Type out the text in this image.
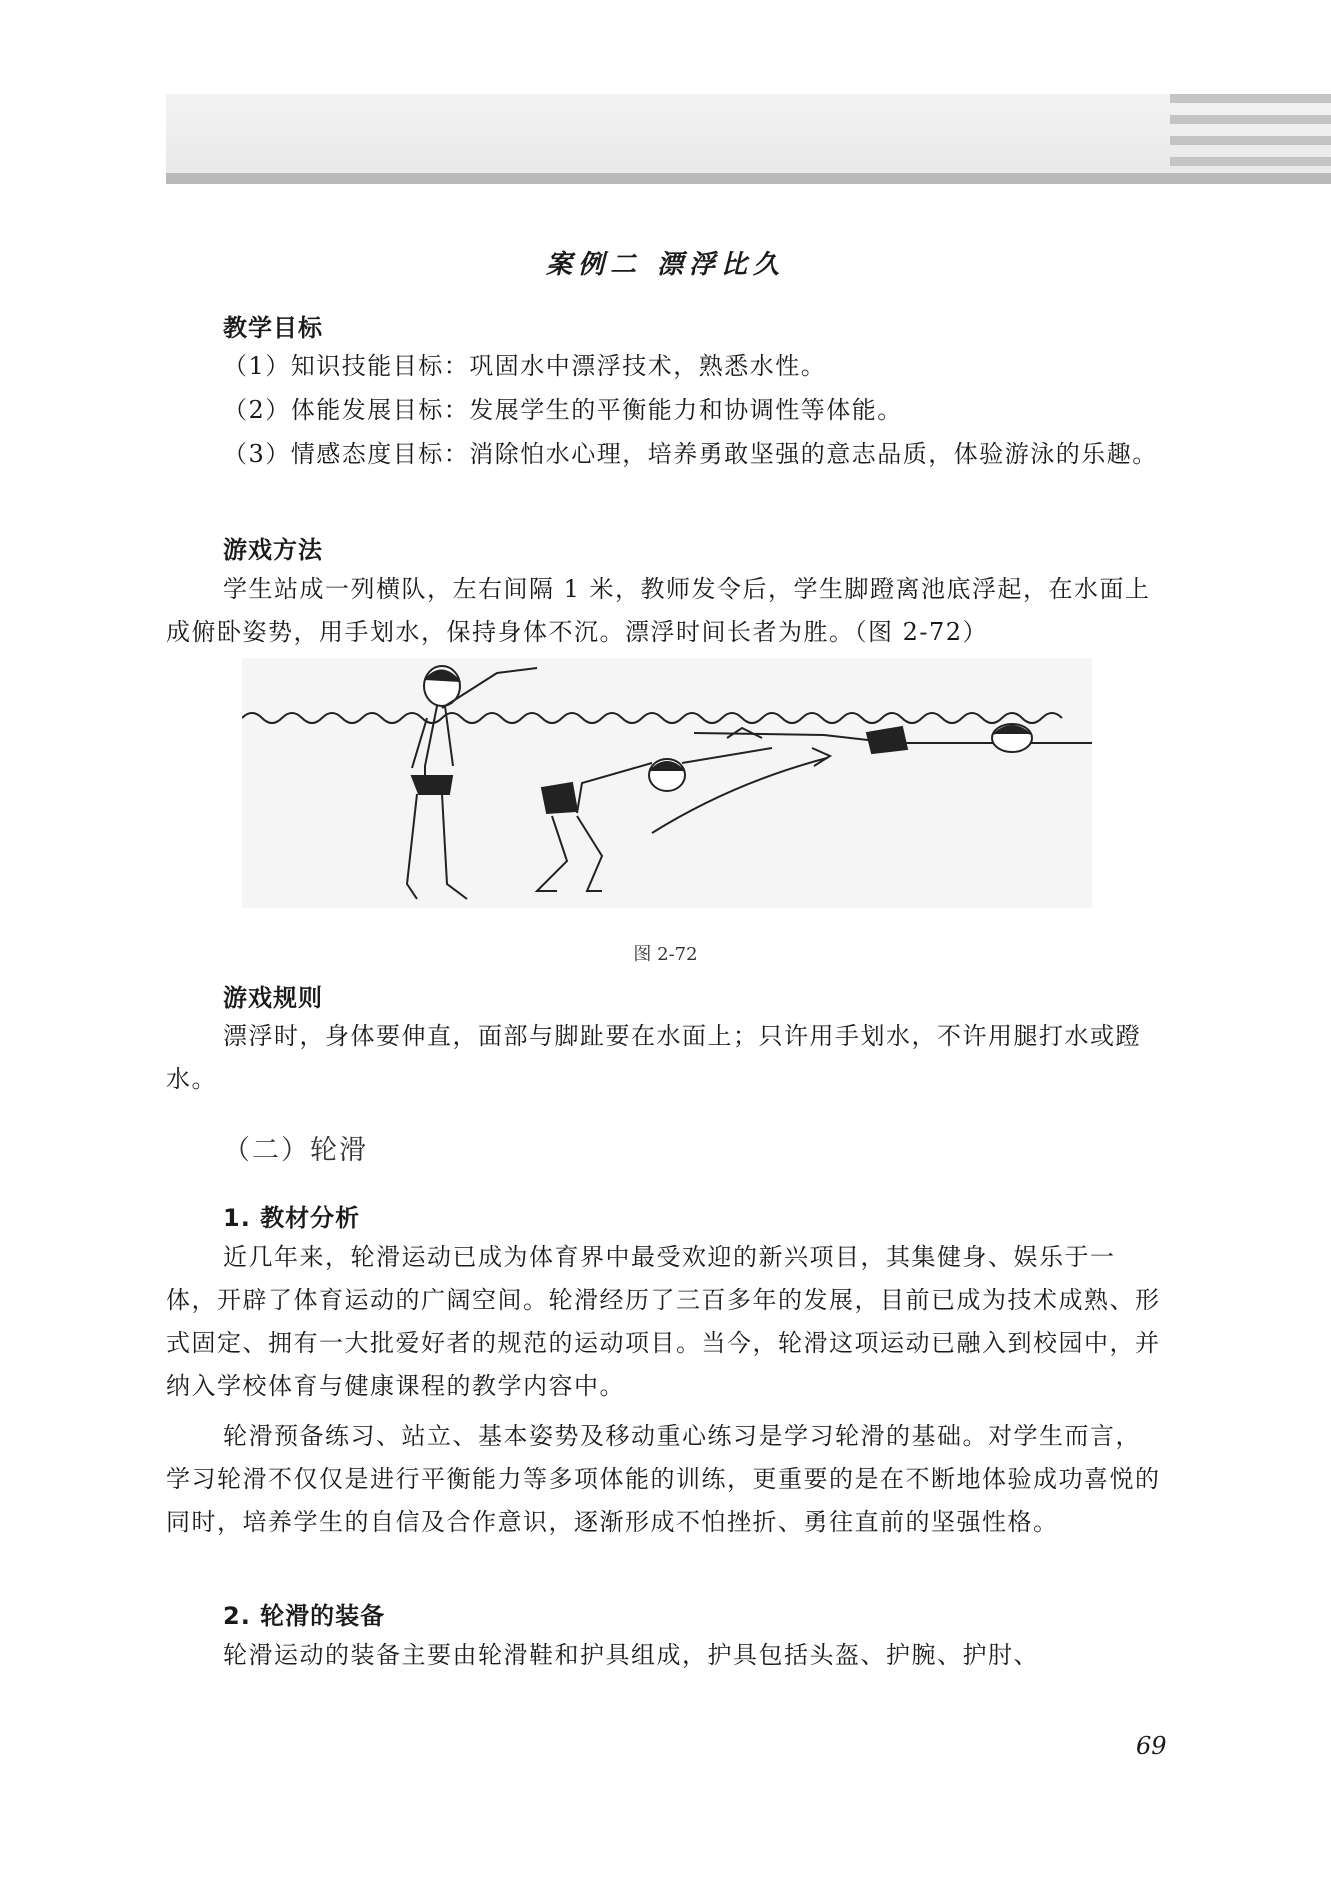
案例二 漂浮比久
教学目标

（1）知识技能目标：巩固水中漂浮技术，熟悉水性。

（2）体能发展目标：发展学生的平衡能力和协调性等体能。

（3）情感态度目标：消除怕水心理，培养勇敢坚强的意志品质，体验游泳的乐趣。

游戏方法

学生站成一列横队，左右间隔 1 米，教师发令后，学生脚蹬离池底浮起，在水面上成俯卧姿势，用手划水，保持身体不沉。漂浮时间长者为胜。（图 2-72）

图 2-72
游戏规则

漂浮时，身体要伸直，面部与脚趾要在水面上；只许用手划水，不许用腿打水或蹬水。

（二）轮滑
1. 教材分析

近几年来，轮滑运动已成为体育界中最受欢迎的新兴项目，其集健身、娱乐于一体，开辟了体育运动的广阔空间。轮滑经历了三百多年的发展，目前已成为技术成熟、形式固定、拥有一大批爱好者的规范的运动项目。当今，轮滑这项运动已融入到校园中，并纳入学校体育与健康课程的教学内容中。

轮滑预备练习、站立、基本姿势及移动重心练习是学习轮滑的基础。对学生而言，学习轮滑不仅仅是进行平衡能力等多项体能的训练，更重要的是在不断地体验成功喜悦的同时，培养学生的自信及合作意识，逐渐形成不怕挫折、勇往直前的坚强性格。

2. 轮滑的装备

轮滑运动的装备主要由轮滑鞋和护具组成，护具包括头盔、护腕、护肘、

69
